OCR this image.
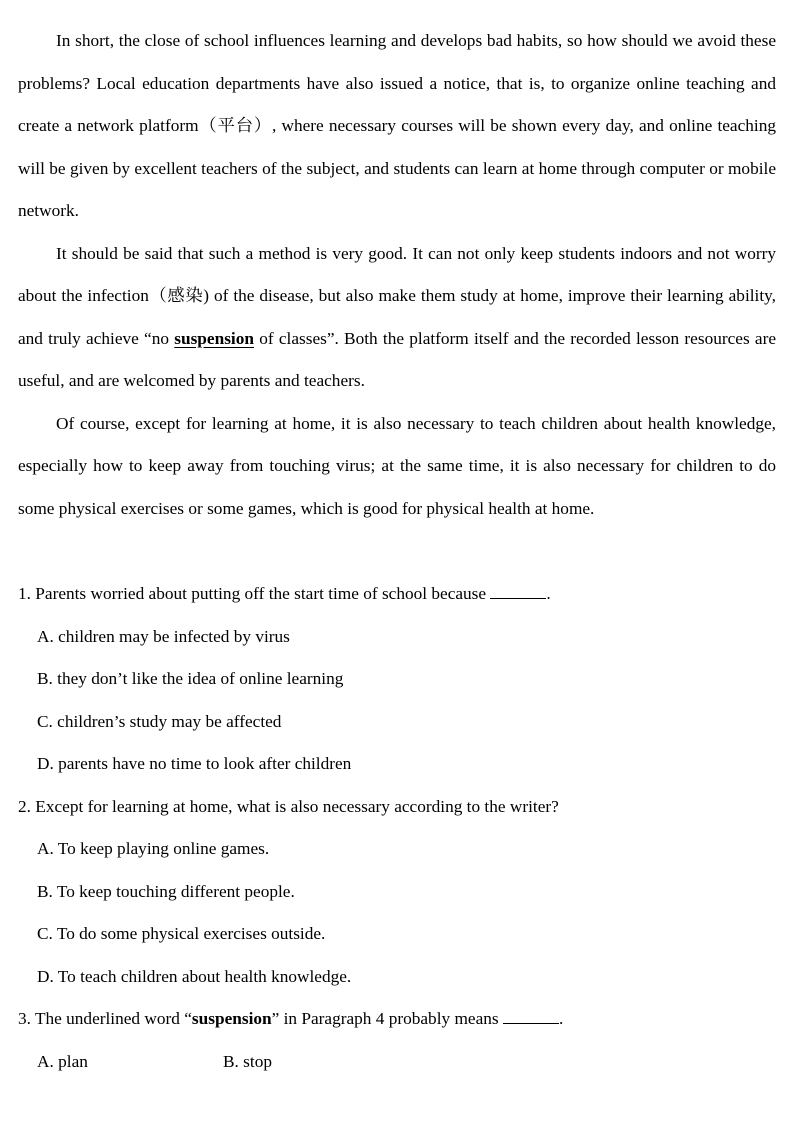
In short, the close of school influences learning and develops bad habits, so how should we avoid these problems? Local education departments have also issued a notice, that is, to organize online teaching and create a network platform（平台）, where necessary courses will be shown every day, and online teaching will be given by excellent teachers of the subject, and students can learn at home through computer or mobile network.

It should be said that such a method is very good. It can not only keep students indoors and not worry about the infection（感染) of the disease, but also make them study at home, improve their learning ability, and truly achieve “no suspension of classes”. Both the platform itself and the recorded lesson resources are useful, and are welcomed by parents and teachers.

Of course, except for learning at home, it is also necessary to teach children about health knowledge, especially how to keep away from touching virus; at the same time, it is also necessary for children to do some physical exercises or some games, which is good for physical health at home.

1. Parents worried about putting off the start time of school because	.
A. children may be infected by virus
B. they don’t like the idea of online learning
C. children’s study may be affected
D. parents have no time to look after children
2. Except for learning at home, what is also necessary according to the writer?
A. To keep playing online games.
B. To keep touching different people.
C. To do some physical exercises outside.
D. To teach children about health knowledge.
3. The underlined word “suspension” in Paragraph 4 probably means	.
A. plan	B. stop
